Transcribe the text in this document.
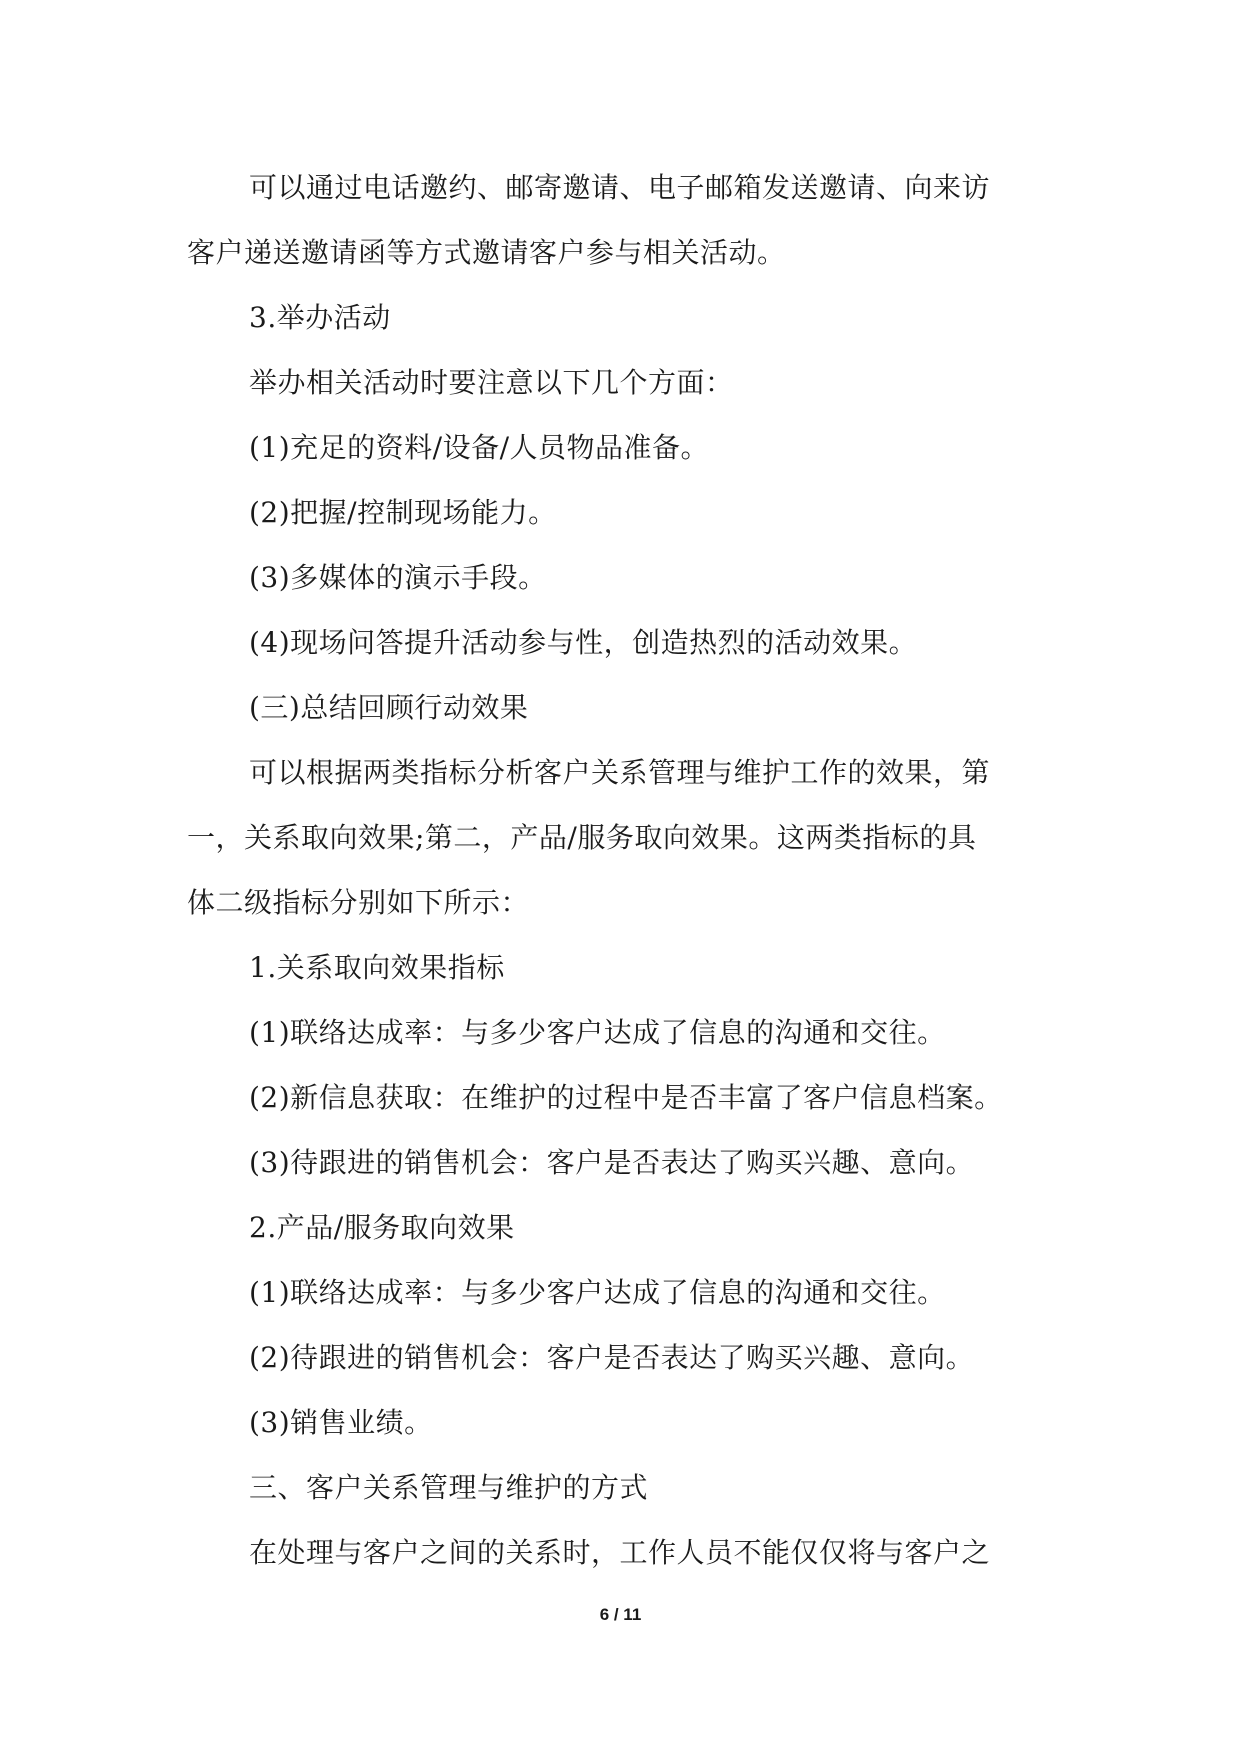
可以通过电话邀约、邮寄邀请、电子邮箱发送邀请、向来访
客户递送邀请函等方式邀请客户参与相关活动。
3.举办活动
举办相关活动时要注意以下几个方面：
(1)充足的资料/设备/人员物品准备。
(2)把握/控制现场能力。
(3)多媒体的演示手段。
(4)现场问答提升活动参与性，创造热烈的活动效果。
(三)总结回顾行动效果
可以根据两类指标分析客户关系管理与维护工作的效果，第
一，关系取向效果;第二，产品/服务取向效果。这两类指标的具
体二级指标分别如下所示：
1.关系取向效果指标
(1)联络达成率：与多少客户达成了信息的沟通和交往。
(2)新信息获取：在维护的过程中是否丰富了客户信息档案。
(3)待跟进的销售机会：客户是否表达了购买兴趣、意向。
2.产品/服务取向效果
(1)联络达成率：与多少客户达成了信息的沟通和交往。
(2)待跟进的销售机会：客户是否表达了购买兴趣、意向。
(3)销售业绩。
三、客户关系管理与维护的方式
在处理与客户之间的关系时，工作人员不能仅仅将与客户之
6 / 11
